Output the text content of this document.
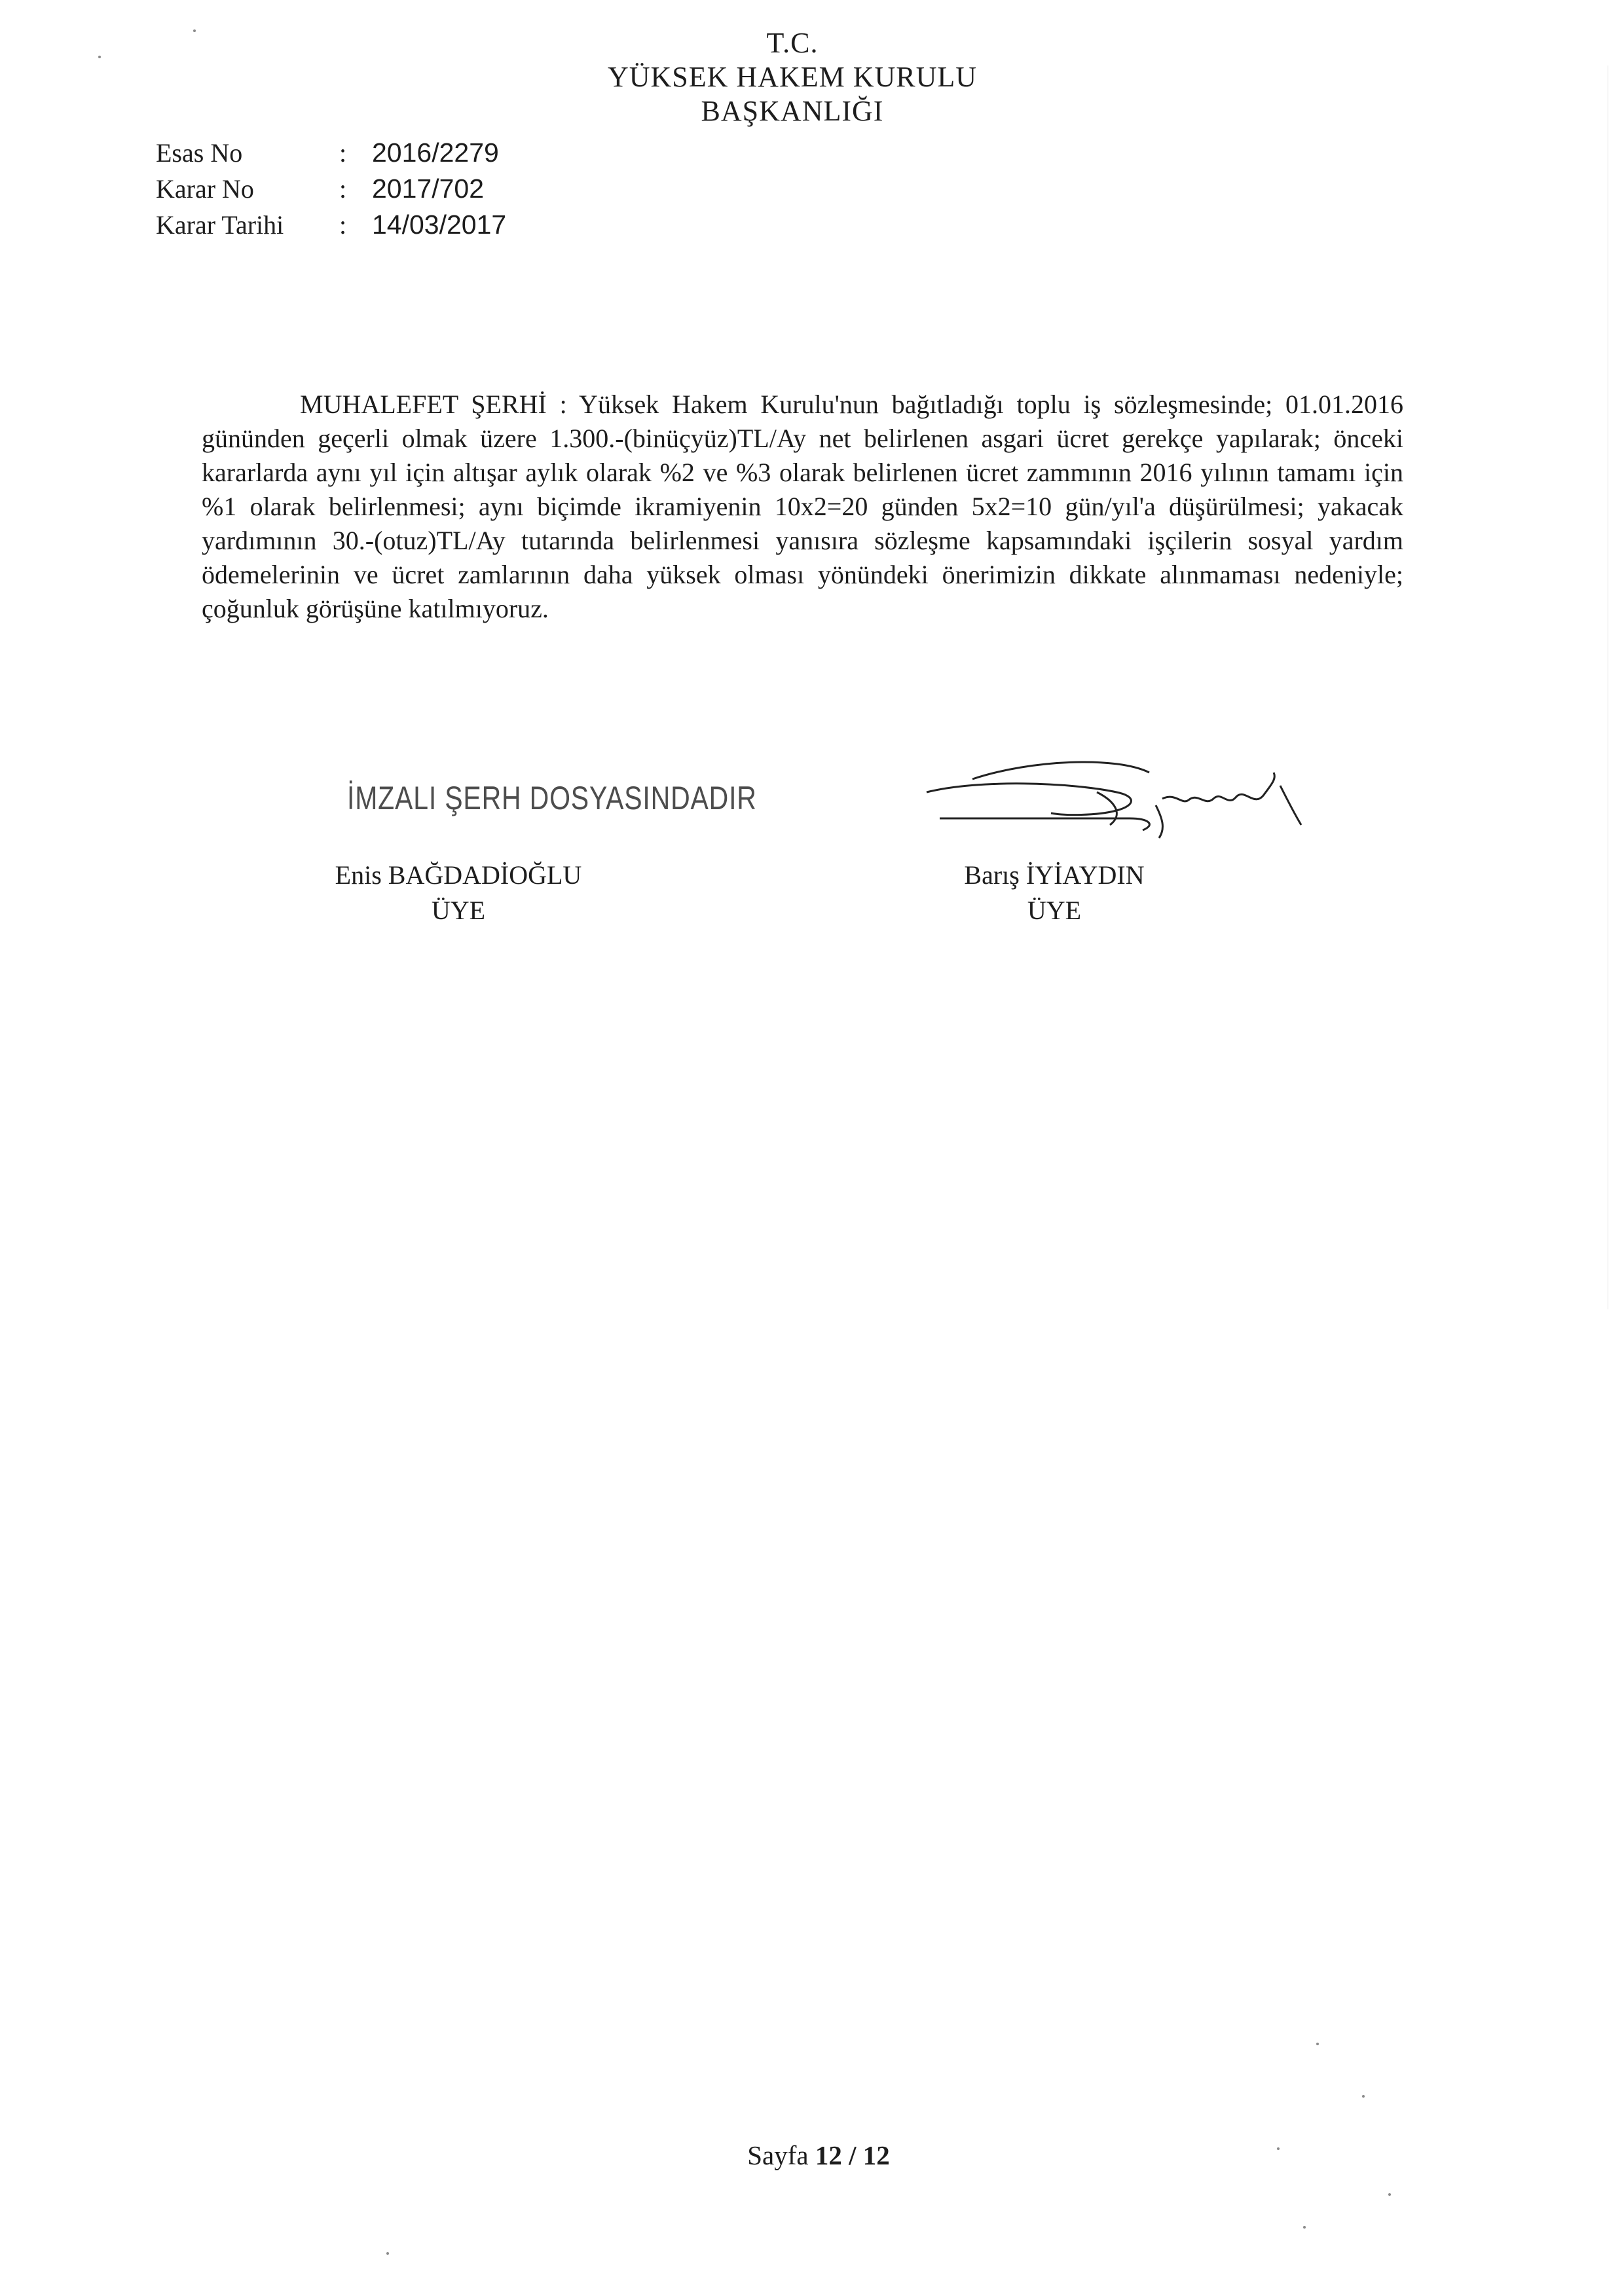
T.C.
YÜKSEK HAKEM KURULU
BAŞKANLIĞI
Esas No	: 2016/2279
Karar No	: 2017/702
Karar Tarihi	: 14/03/2017
MUHALEFET ŞERHİ : Yüksek Hakem Kurulu'nun bağıtladığı toplu iş sözleşmesinde; 01.01.2016 gününden geçerli olmak üzere 1.300.-(binüçyüz)TL/Ay net belirlenen asgari ücret gerekçe yapılarak; önceki kararlarda aynı yıl için altışar aylık olarak %2 ve %3 olarak belirlenen ücret zammının 2016 yılının tamamı için %1 olarak belirlenmesi; aynı biçimde ikramiyenin 10x2=20 günden 5x2=10 gün/yıl'a düşürülmesi; yakacak yardımının 30.-(otuz)TL/Ay tutarında belirlenmesi yanısıra sözleşme kapsamındaki işçilerin sosyal yardım ödemelerinin ve ücret zamlarının daha yüksek olması yönündeki önerimizin dikkate alınmaması nedeniyle; çoğunluk görüşüne katılmıyoruz.
İMZALI ŞERH DOSYASINDADIR
Enis BAĞDADİOĞLU
ÜYE
Barış İYİAYDIN
ÜYE
Sayfa 12 / 12
